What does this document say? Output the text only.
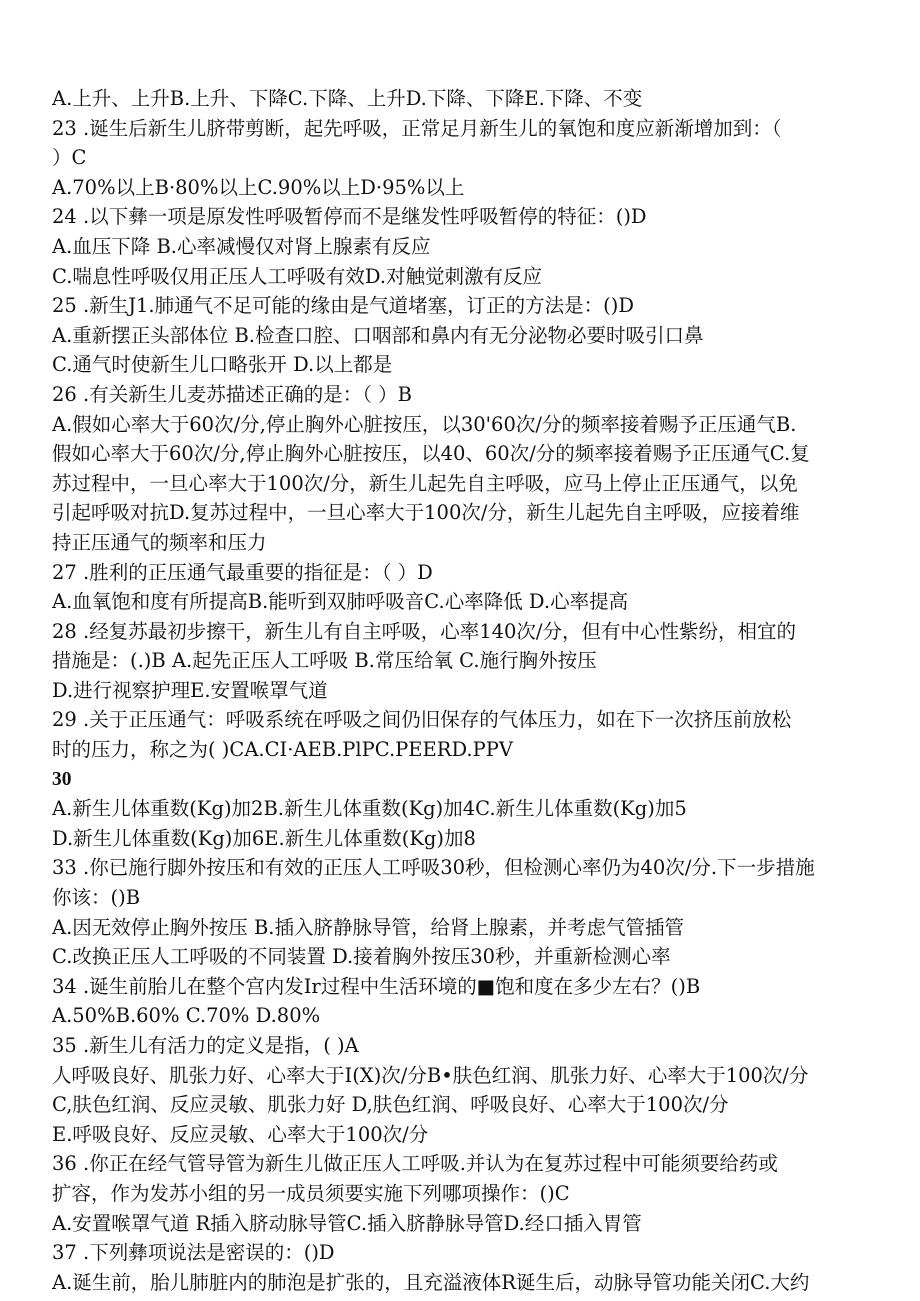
A.上升、上升B.上升、下降C.下降、上升D.下降、下降E.下降、不变
23 .诞生后新生儿脐带剪断，起先呼吸，正常足月新生儿的氧饱和度应新渐增加到：（
）C
A.70%以上B·80%以上C.90%以上D·95%以上
24 .以下彝一项是原发性呼吸暂停而不是继发性呼吸暂停的特征：()D
A.血压下降 B.心率减慢仅对肾上腺素有反应
C.喘息性呼吸仅用正压人工呼吸有效D.对触觉刺激有反应
25 .新生J1.肺通气不足可能的缘由是气道堵塞，订正的方法是：()D
A.重新摆正头部体位 B.检查口腔、口咽部和鼻内有无分泌物必要时吸引口鼻
C.通气时使新生儿口略张开 D.以上都是
26 .有关新生儿麦苏描述正确的是：（ ）B
A.假如心率大于60次/分,停止胸外心脏按压，以30'60次/分的频率接着赐予正压通气B.
假如心率大于60次/分,停止胸外心脏按压，以40、60次/分的频率接着赐予正压通气C.复
苏过程中，一旦心率大于100次/分，新生儿起先自主呼吸，应马上停止正压通气，以免
引起呼吸对抗D.复苏过程中，一旦心率大于100次/分，新生儿起先自主呼吸，应接着维
持正压通气的频率和压力
27 .胜利的正压通气最重要的指征是：（ ）D
A.血氧饱和度有所提高B.能听到双肺呼吸音C.心率降低 D.心率提高
28 .经复苏最初步擦干，新生儿有自主呼吸，心率140次/分，但有中心性紫纷，相宜的
措施是：(.)B A.起先正压人工呼吸 B.常压给氧 C.施行胸外按压
D.进行视察护理E.安置喉罩气道
29 .关于正压通气：呼吸系统在呼吸之间仍旧保存的气体压力，如在下一次挤压前放松
时的压力，称之为( )CA.CI·AEB.PlPC.PEERD.PPV
30
A.新生儿体重数(Kg)加2B.新生儿体重数(Kg)加4C.新生儿体重数(Kg)加5
D.新生儿体重数(Kg)加6E.新生儿体重数(Kg)加8
33 .你已施行脚外按压和有效的正压人工呼吸30秒，但检测心率仍为40次/分.下一步措施
你该：()B
A.因无效停止胸外按压 B.插入脐静脉导管，给肾上腺素，并考虑气管插管
C.改换正压人工呼吸的不同装置 D.接着胸外按压30秒，并重新检测心率
34 .诞生前胎儿在整个宫内发Ir过程中生活环境的■饱和度在多少左右？()B
A.50%B.60% C.70% D.80%
35 .新生儿有活力的定义是指，( )A
人呼吸良好、肌张力好、心率大于I(X)次/分B•肤色红润、肌张力好、心率大于100次/分
C,肤色红润、反应灵敏、肌张力好 D,肤色红润、呼吸良好、心率大于100次/分
E.呼吸良好、反应灵敏、心率大于100次/分
36 .你正在经气管导管为新生儿做正压人工呼吸.并认为在复苏过程中可能须要给药或
扩容，作为发苏小组的另一成员须要实施下列哪项操作：()C
A.安置喉罩气道 R插入脐动脉导管C.插入脐静脉导管D.经口插入胃管
37 .下列彝项说法是密误的：()D
A.诞生前，胎儿肺脏内的肺泡是扩张的，且充溢液体R诞生后，动脉导管功能关闭C.大约
